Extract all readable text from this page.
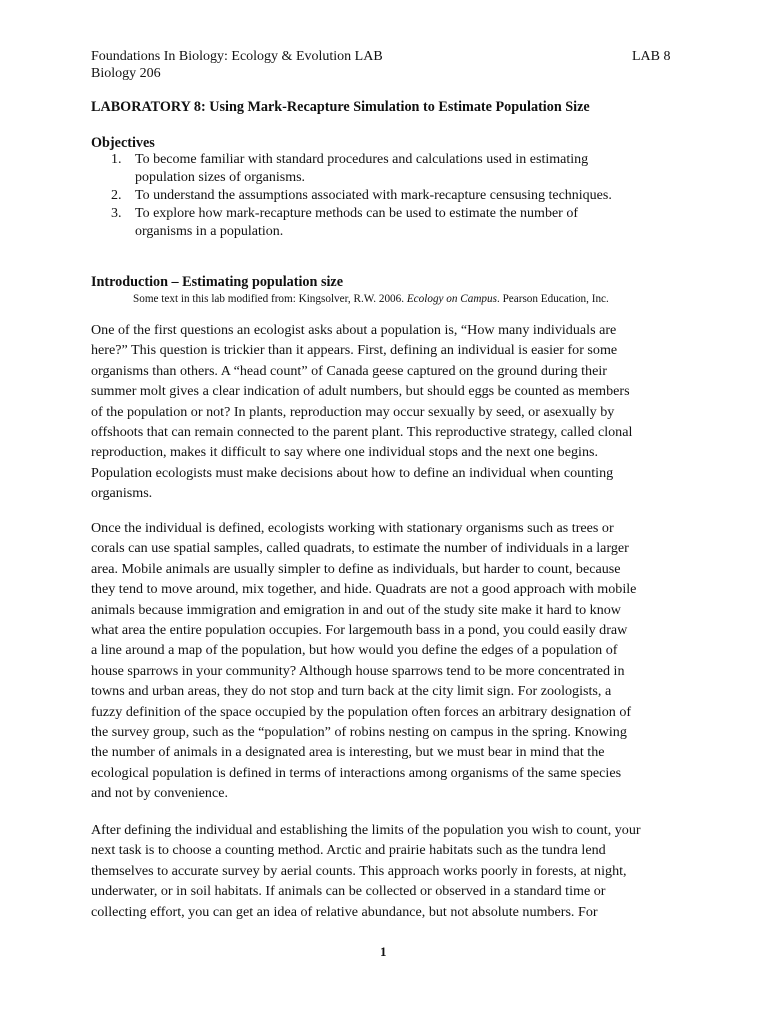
Foundations In Biology: Ecology & Evolution LAB
Biology 206
LAB 8
LABORATORY 8: Using Mark-Recapture Simulation to Estimate Population Size
Objectives
1. To become familiar with standard procedures and calculations used in estimating
population sizes of organisms.
2. To understand the assumptions associated with mark-recapture censusing techniques.
3. To explore how mark-recapture methods can be used to estimate the number of
organisms in a population.
Introduction – Estimating population size
Some text in this lab modified from: Kingsolver, R.W. 2006. Ecology on Campus. Pearson Education, Inc.
One of the first questions an ecologist asks about a population is, “How many individuals are
here?” This question is trickier than it appears. First, defining an individual is easier for some
organisms than others. A “head count” of Canada geese captured on the ground during their
summer molt gives a clear indication of adult numbers, but should eggs be counted as members
of the population or not? In plants, reproduction may occur sexually by seed, or asexually by
offshoots that can remain connected to the parent plant. This reproductive strategy, called clonal
reproduction, makes it difficult to say where one individual stops and the next one begins.
Population ecologists must make decisions about how to define an individual when counting
organisms.
Once the individual is defined, ecologists working with stationary organisms such as trees or
corals can use spatial samples, called quadrats, to estimate the number of individuals in a larger
area. Mobile animals are usually simpler to define as individuals, but harder to count, because
they tend to move around, mix together, and hide. Quadrats are not a good approach with mobile
animals because immigration and emigration in and out of the study site make it hard to know
what area the entire population occupies. For largemouth bass in a pond, you could easily draw
a line around a map of the population, but how would you define the edges of a population of
house sparrows in your community? Although house sparrows tend to be more concentrated in
towns and urban areas, they do not stop and turn back at the city limit sign. For zoologists, a
fuzzy definition of the space occupied by the population often forces an arbitrary designation of
the survey group, such as the “population” of robins nesting on campus in the spring. Knowing
the number of animals in a designated area is interesting, but we must bear in mind that the
ecological population is defined in terms of interactions among organisms of the same species
and not by convenience.
After defining the individual and establishing the limits of the population you wish to count, your
next task is to choose a counting method. Arctic and prairie habitats such as the tundra lend
themselves to accurate survey by aerial counts. This approach works poorly in forests, at night,
underwater, or in soil habitats. If animals can be collected or observed in a standard time or
collecting effort, you can get an idea of relative abundance, but not absolute numbers. For
1
